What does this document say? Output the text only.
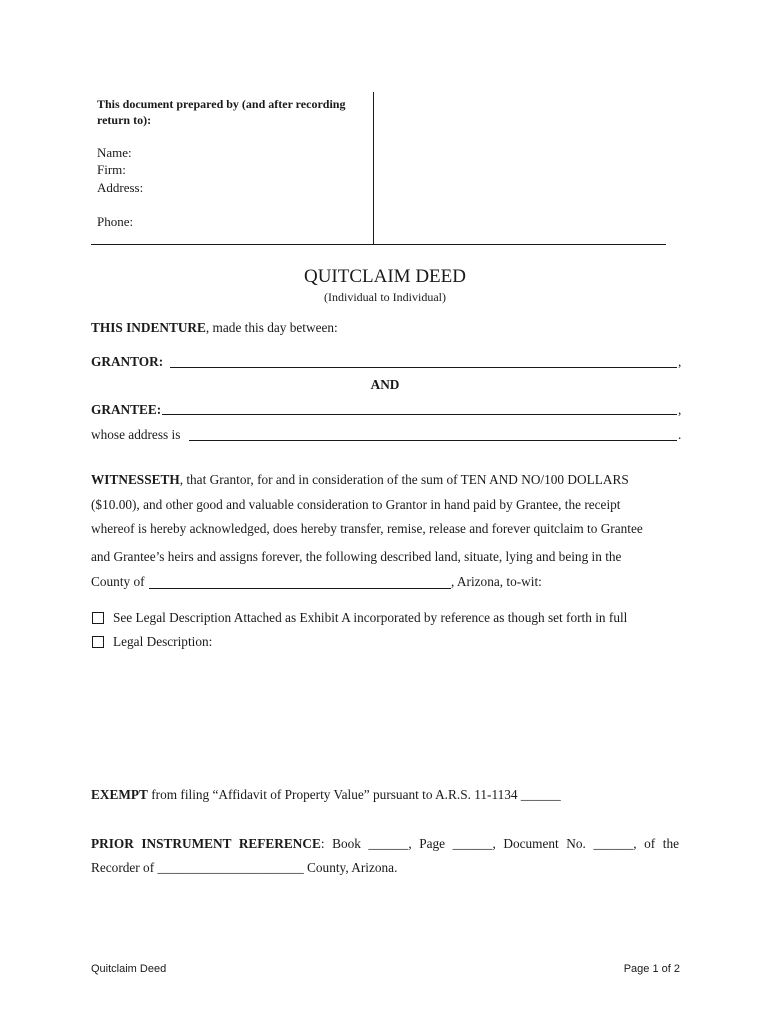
This document prepared by (and after recording return to):
Name:
Firm:
Address:
Phone:
QUITCLAIM DEED
(Individual to Individual)
THIS INDENTURE, made this day between:
GRANTOR:	,
AND
GRANTEE:	,
whose address is	.
WITNESSETH, that Grantor, for and in consideration of the sum of TEN AND NO/100 DOLLARS
($10.00), and other good and valuable consideration to Grantor in hand paid by Grantee, the receipt
whereof is hereby acknowledged, does hereby transfer, remise, release and forever quitclaim to Grantee
and Grantee’s heirs and assigns forever, the following described land, situate, lying and being in the
County of	, Arizona, to-wit:
See Legal Description Attached as Exhibit A incorporated by reference as though set forth in full
Legal Description:
EXEMPT from filing “Affidavit of Property Value” pursuant to A.R.S. 11-1134 ______
PRIOR INSTRUMENT REFERENCE: Book ______, Page ______, Document No. ______, of the
Recorder of ______________________ County, Arizona.
Quitclaim Deed	Page 1 of 2
